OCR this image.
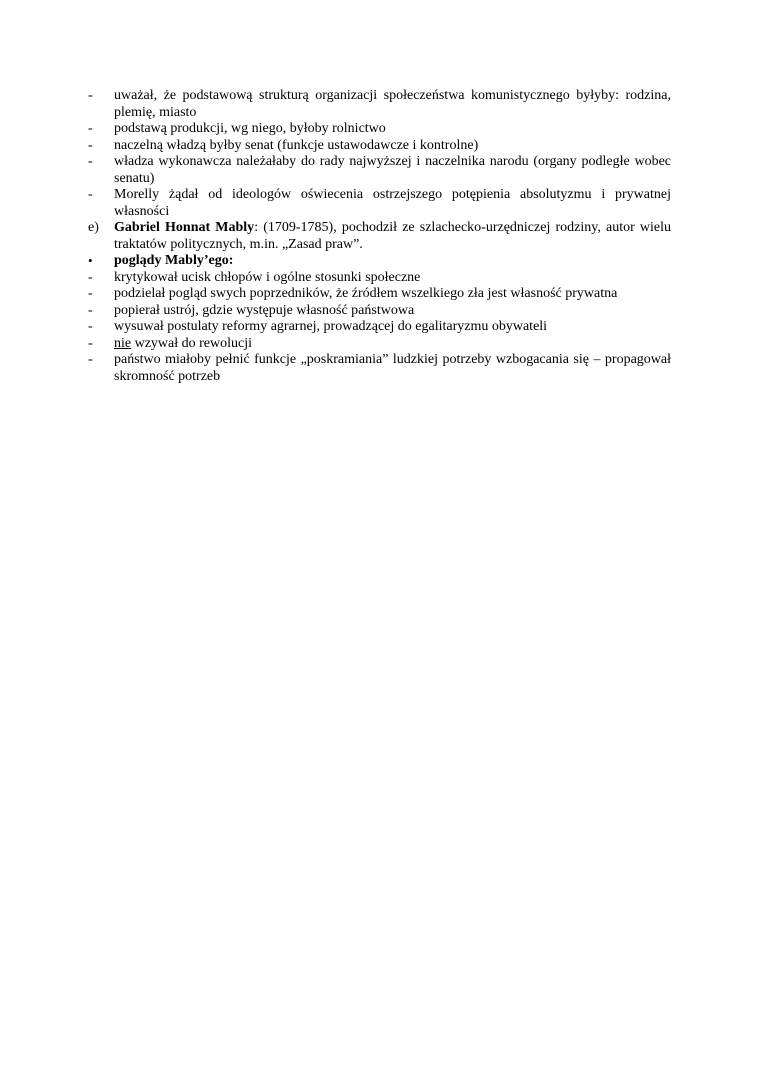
-	uważał, że podstawową strukturą organizacji społeczeństwa komunistycznego byłyby: rodzina, plemię, miasto
-	podstawą produkcji, wg niego, byłoby rolnictwo
-	naczelną władzą byłby senat (funkcje ustawodawcze i kontrolne)
-	władza wykonawcza należałaby do rady najwyższej i naczelnika narodu (organy podległe wobec senatu)
-	Morelly żądał od ideologów oświecenia ostrzejszego potępienia absolutyzmu i prywatnej własności
e)	Gabriel Honnat Mably: (1709-1785), pochodził ze szlachecko-urzędniczej rodziny, autor wielu traktatów politycznych, m.in. „Zasad praw”.
•	poglądy Mably’ego:
-	krytykował ucisk chłopów i ogólne stosunki społeczne
-	podzielał pogląd swych poprzedników, że źródłem wszelkiego zła jest własność prywatna
-	popierał ustrój, gdzie występuje własność państwowa
-	wysuwał postulaty reformy agrarnej, prowadzącej do egalitaryzmu obywateli
-	nie wzywał do rewolucji
-	państwo miałoby pełnić funkcje „poskramiania” ludzkiej potrzeby wzbogacania się – propagował skromność potrzeb
